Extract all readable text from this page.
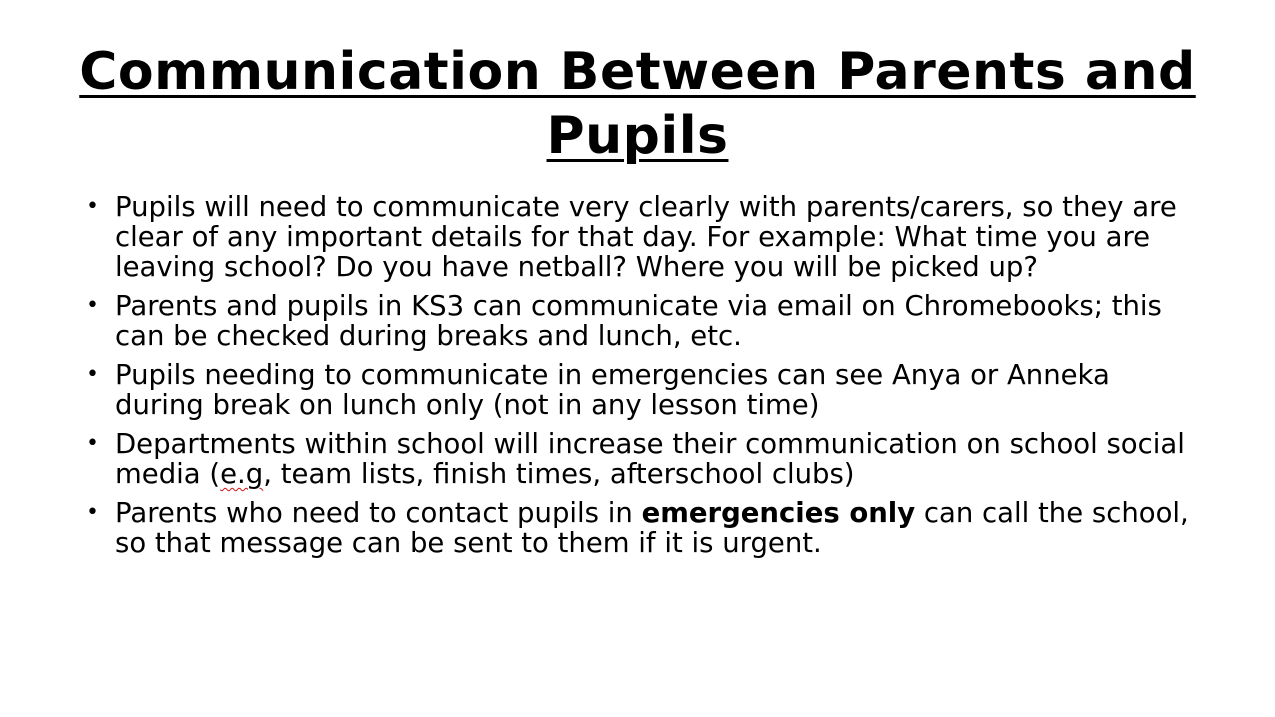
Communication Between Parents and Pupils
• Pupils will need to communicate very clearly with parents/carers, so they are clear of any important details for that day. For example: What time you are leaving school? Do you have netball? Where you will be picked up?
• Parents and pupils in KS3 can communicate via email on Chromebooks; this can be checked during breaks and lunch, etc.
• Pupils needing to communicate in emergencies can see Anya or Anneka during break on lunch only (not in any lesson time)
• Departments within school will increase their communication on school social media (e.g, team lists, finish times, afterschool clubs)
• Parents who need to contact pupils in emergencies only can call the school, so that message can be sent to them if it is urgent.
